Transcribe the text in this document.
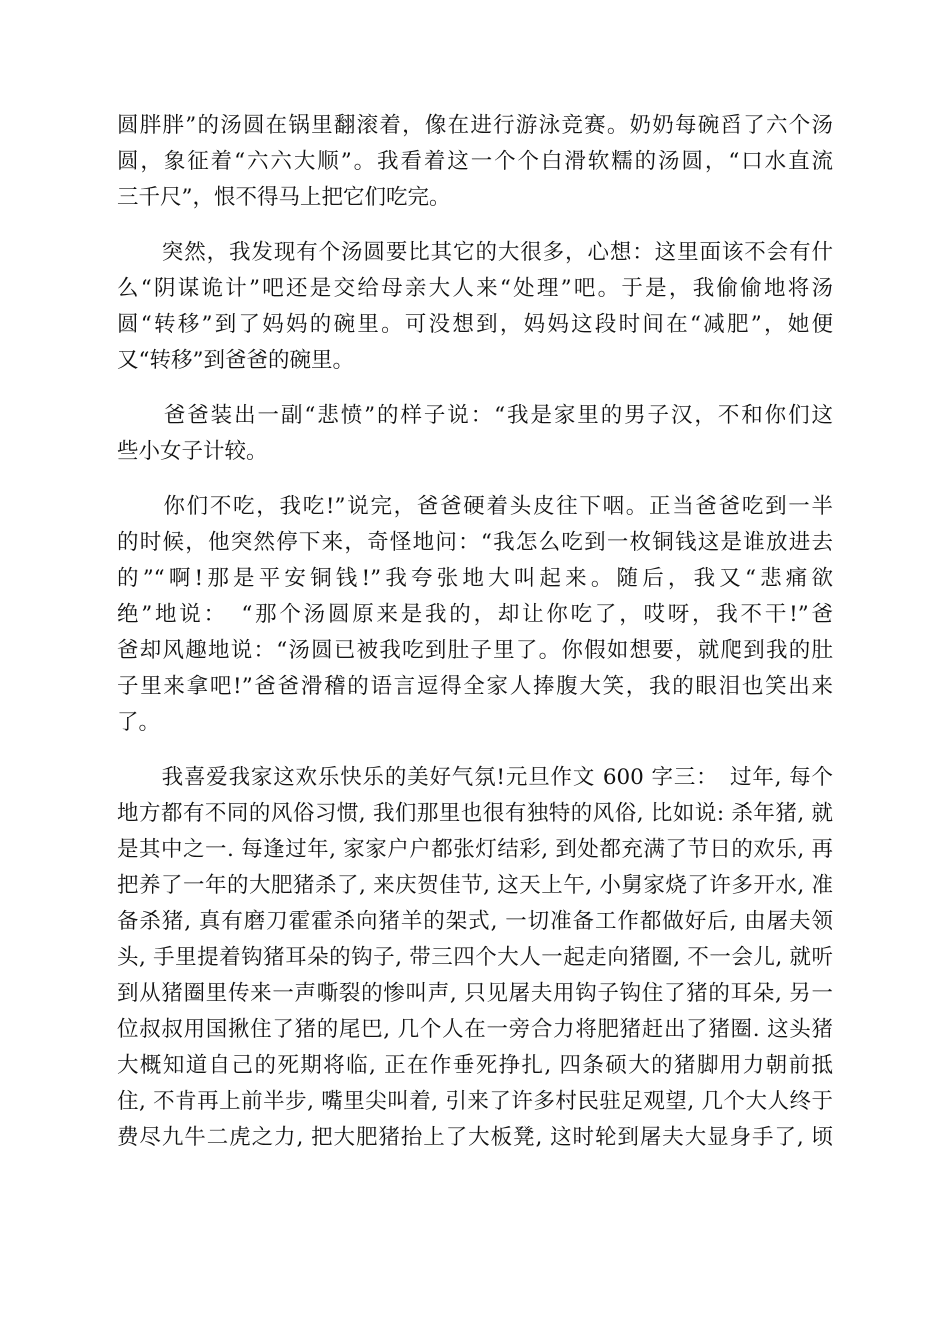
圆胖胖”的汤圆在锅里翻滚着，像在进行游泳竞赛。奶奶每碗舀了六个汤
圆，象征着“六六大顺”。我看着这一个个白滑软糯的汤圆，“口水直流
三千尺”，恨不得马上把它们吃完。
　　突然，我发现有个汤圆要比其它的大很多，心想：这里面该不会有什
么“阴谋诡计”吧还是交给母亲大人来“处理”吧。于是，我偷偷地将汤
圆“转移”到了妈妈的碗里。可没想到，妈妈这段时间在“减肥”，她便
又“转移”到爸爸的碗里。
　　爸爸装出一副“悲愤”的样子说：“我是家里的男子汉，不和你们这
些小女子计较。
　　你们不吃，我吃!”说完，爸爸硬着头皮往下咽。正当爸爸吃到一半
的时候，他突然停下来，奇怪地问：“我怎么吃到一枚铜钱这是谁放进去
的”“啊!那是平安铜钱!”我夸张地大叫起来。随后，我又“悲痛欲
绝”地说：　“那个汤圆原来是我的，却让你吃了，哎呀，我不干!”爸
爸却风趣地说：“汤圆已被我吃到肚子里了。你假如想要，就爬到我的肚
子里来拿吧!”爸爸滑稽的语言逗得全家人捧腹大笑，我的眼泪也笑出来
了。
　　我喜爱我家这欢乐快乐的美好气氛!元旦作文 600 字三：　过年, 每个
地方都有不同的风俗习惯, 我们那里也很有独特的风俗, 比如说: 杀年猪, 就
是其中之一. 每逢过年, 家家户户都张灯结彩, 到处都充满了节日的欢乐, 再
把养了一年的大肥猪杀了, 来庆贺佳节, 这天上午, 小舅家烧了许多开水, 准
备杀猪, 真有磨刀霍霍杀向猪羊的架式, 一切准备工作都做好后, 由屠夫领
头, 手里提着钩猪耳朵的钩子, 带三四个大人一起走向猪圈, 不一会儿, 就听
到从猪圈里传来一声嘶裂的惨叫声, 只见屠夫用钩子钩住了猪的耳朵, 另一
位叔叔用国揪住了猪的尾巴, 几个人在一旁合力将肥猪赶出了猪圈. 这头猪
大概知道自己的死期将临, 正在作垂死挣扎, 四条硕大的猪脚用力朝前抵
住, 不肯再上前半步, 嘴里尖叫着, 引来了许多村民驻足观望, 几个大人终于
费尽九牛二虎之力, 把大肥猪抬上了大板凳, 这时轮到屠夫大显身手了, 顷
